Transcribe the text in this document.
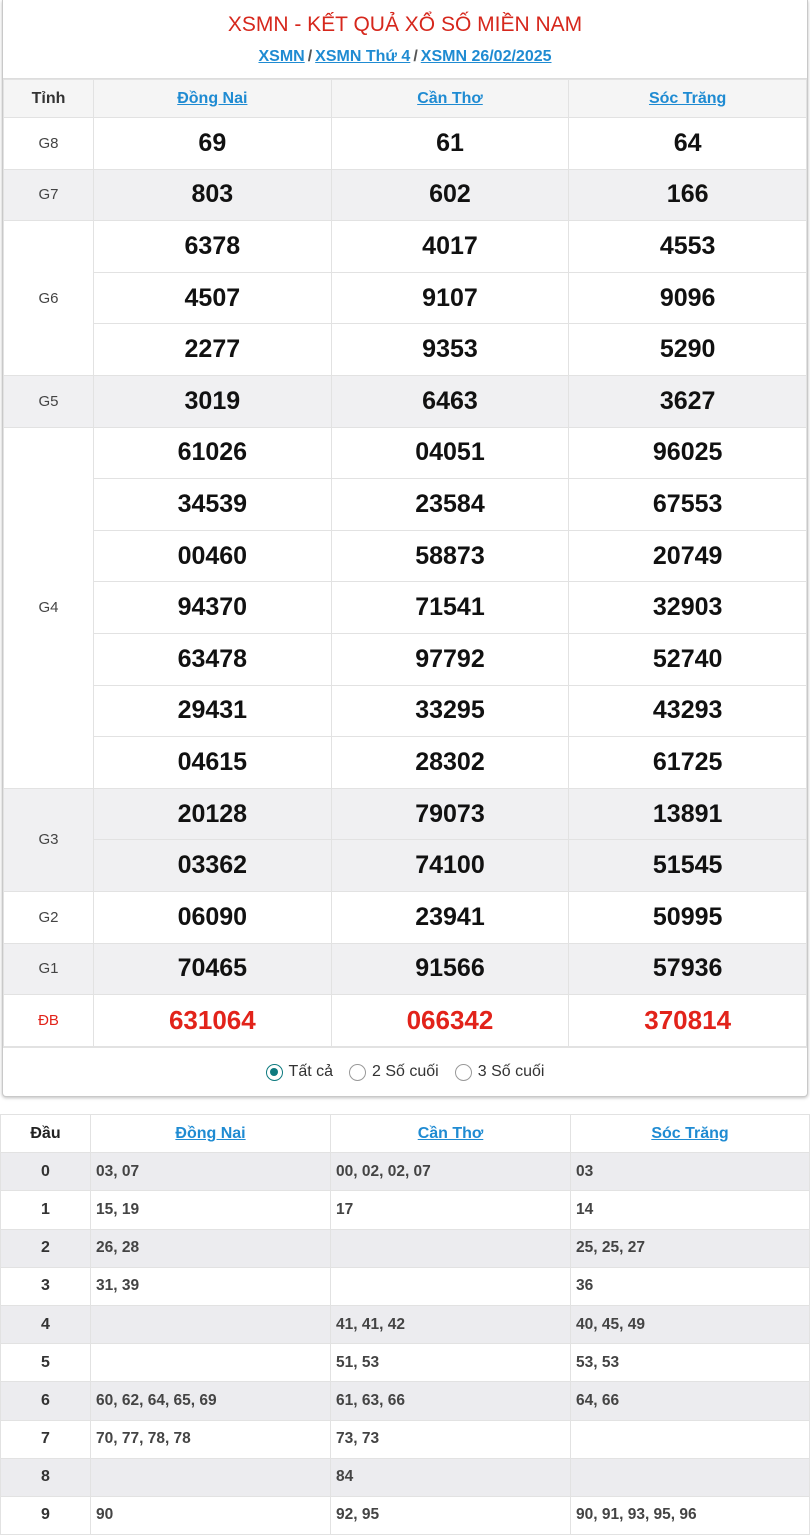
XSMN - KẾT QUẢ XỔ SỐ MIỀN NAM
XSMN / XSMN Thứ 4 / XSMN 26/02/2025
Tỉnh	Đồng Nai	Cần Thơ	Sóc Trăng
G8	69	61	64
G7	803	602	166
G6	6378	4017	4553
	4507	9107	9096
	2277	9353	5290
G5	3019	6463	3627
G4	61026	04051	96025
	34539	23584	67553
	00460	58873	20749
	94370	71541	32903
	63478	97792	52740
	29431	33295	43293
	04615	28302	61725
G3	20128	79073	13891
	03362	74100	51545
G2	06090	23941	50995
G1	70465	91566	57936
ĐB	631064	066342	370814
Tất cả 2 Số cuối 3 Số cuối
Đầu	Đồng Nai	Cần Thơ	Sóc Trăng
0	03, 07	00, 02, 02, 07	03
1	15, 19	17	14
2	26, 28		25, 25, 27
3	31, 39		36
4		41, 41, 42	40, 45, 49
5		51, 53	53, 53
6	60, 62, 64, 65, 69	61, 63, 66	64, 66
7	70, 77, 78, 78	73, 73	
8		84	
9	90	92, 95	90, 91, 93, 95, 96
